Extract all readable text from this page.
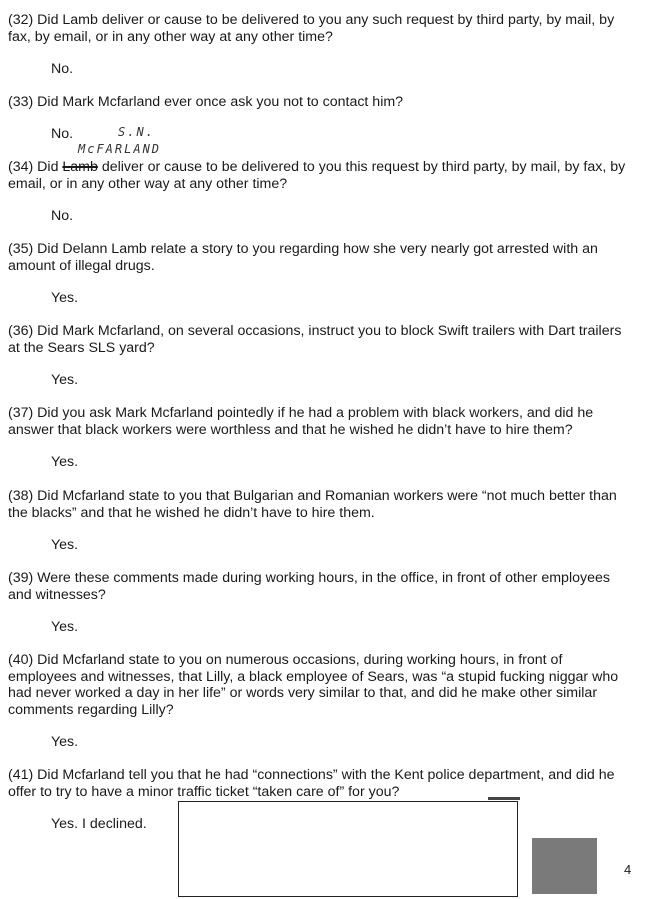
(32) Did Lamb deliver or cause to be delivered to you any such request by third party, by mail, by fax, by email, or in any other way at any other time?

No.

(33) Did Mark Mcfarland ever once ask you not to contact him?

No.	S.N.
McFARLAND

(34) Did Lamb deliver or cause to be delivered to you this request by third party, by mail, by fax, by email, or in any other way at any other time?

No.

(35) Did Delann Lamb relate a story to you regarding how she very nearly got arrested with an amount of illegal drugs.

Yes.

(36) Did Mark Mcfarland, on several occasions, instruct you to block Swift trailers with Dart trailers at the Sears SLS yard?

Yes.

(37) Did you ask Mark Mcfarland pointedly if he had a problem with black workers, and did he answer that black workers were worthless and that he wished he didn’t have to hire them?

Yes.

(38) Did Mcfarland state to you that Bulgarian and Romanian workers were “not much better than the blacks” and that he wished he didn’t have to hire them.

Yes.

(39) Were these comments made during working hours, in the office, in front of other employees and witnesses?

Yes.

(40) Did Mcfarland state to you on numerous occasions, during working hours, in front of employees and witnesses, that Lilly, a black employee of Sears, was “a stupid fucking niggar who had never worked a day in her life” or words very similar to that, and did he make other similar comments regarding Lilly?

Yes.

(41) Did Mcfarland tell you that he had “connections” with the Kent police department, and did he offer to try to have a minor traffic ticket “taken care of” for you?

Yes. I declined.

4
